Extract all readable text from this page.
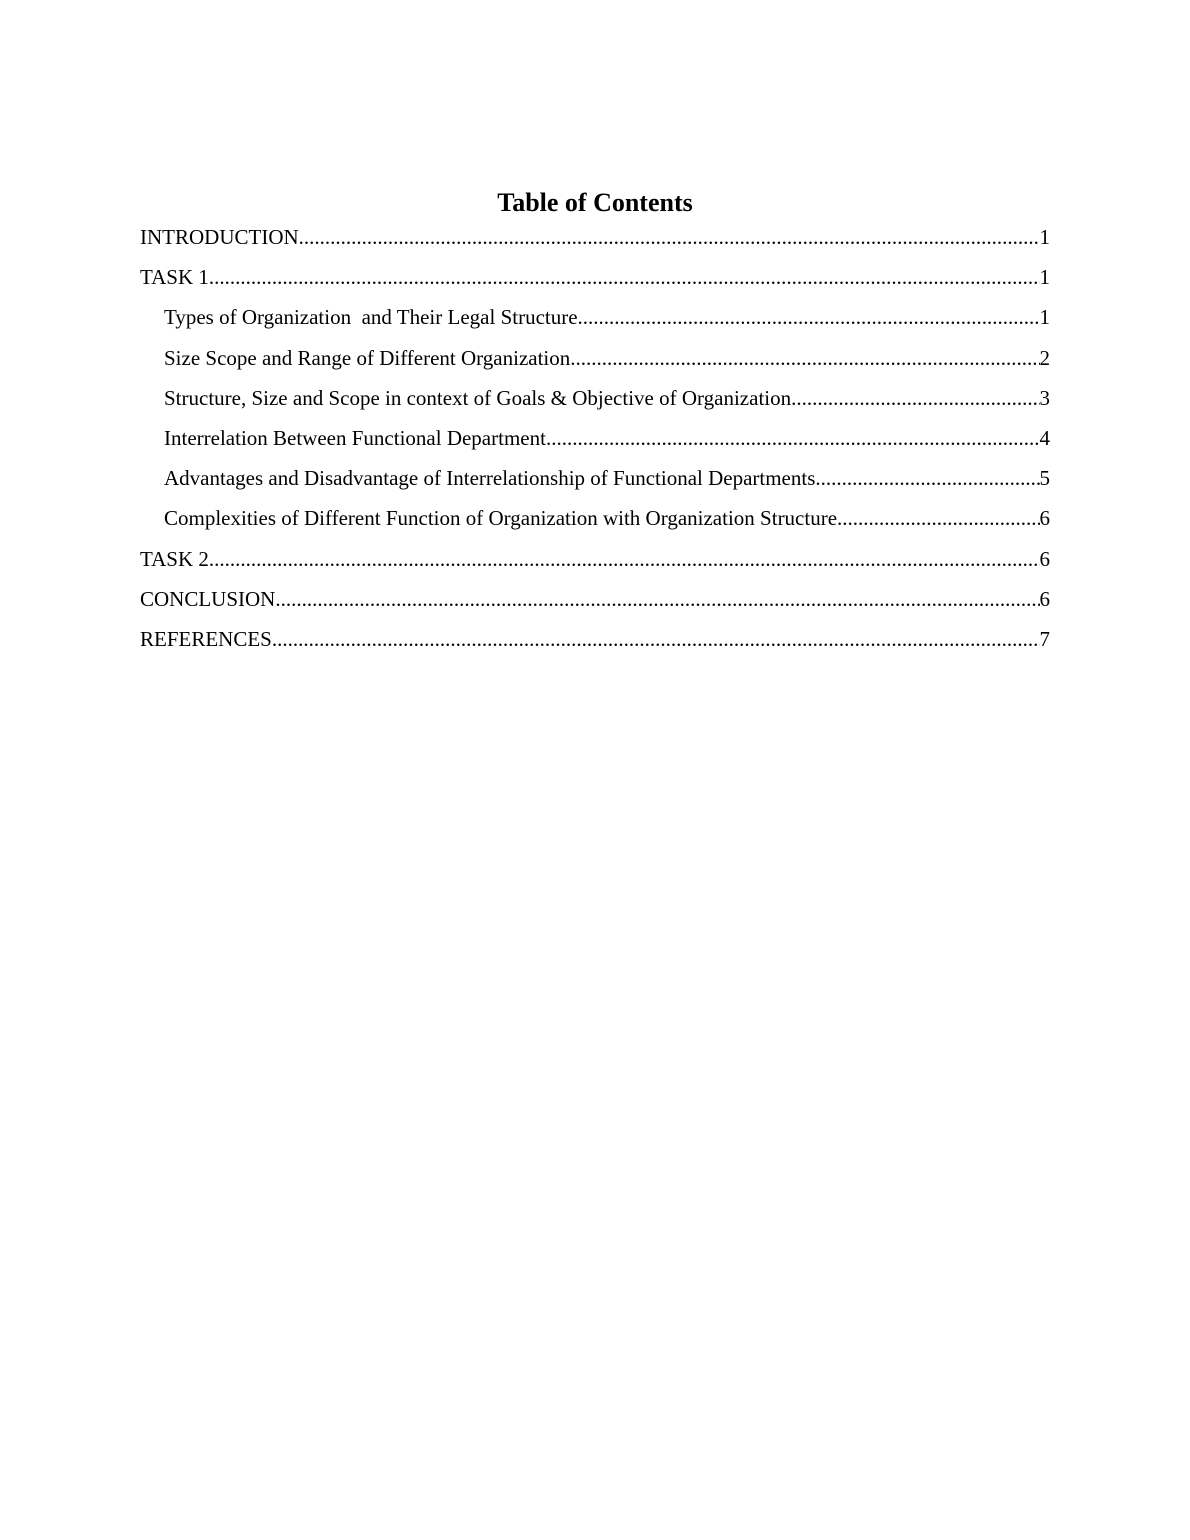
Table of Contents
INTRODUCTION .....	1
TASK 1 .....	1
Types of Organization  and Their Legal Structure .....	1
Size Scope and Range of Different Organization .....	2
Structure, Size and Scope in context of Goals & Objective of Organization .....	3
Interrelation Between Functional Department .....	4
Advantages and Disadvantage of Interrelationship of Functional Departments .....	5
Complexities of Different Function of Organization with Organization Structure .....	6
TASK 2 .....	6
CONCLUSION .....	6
REFERENCES .....	7
